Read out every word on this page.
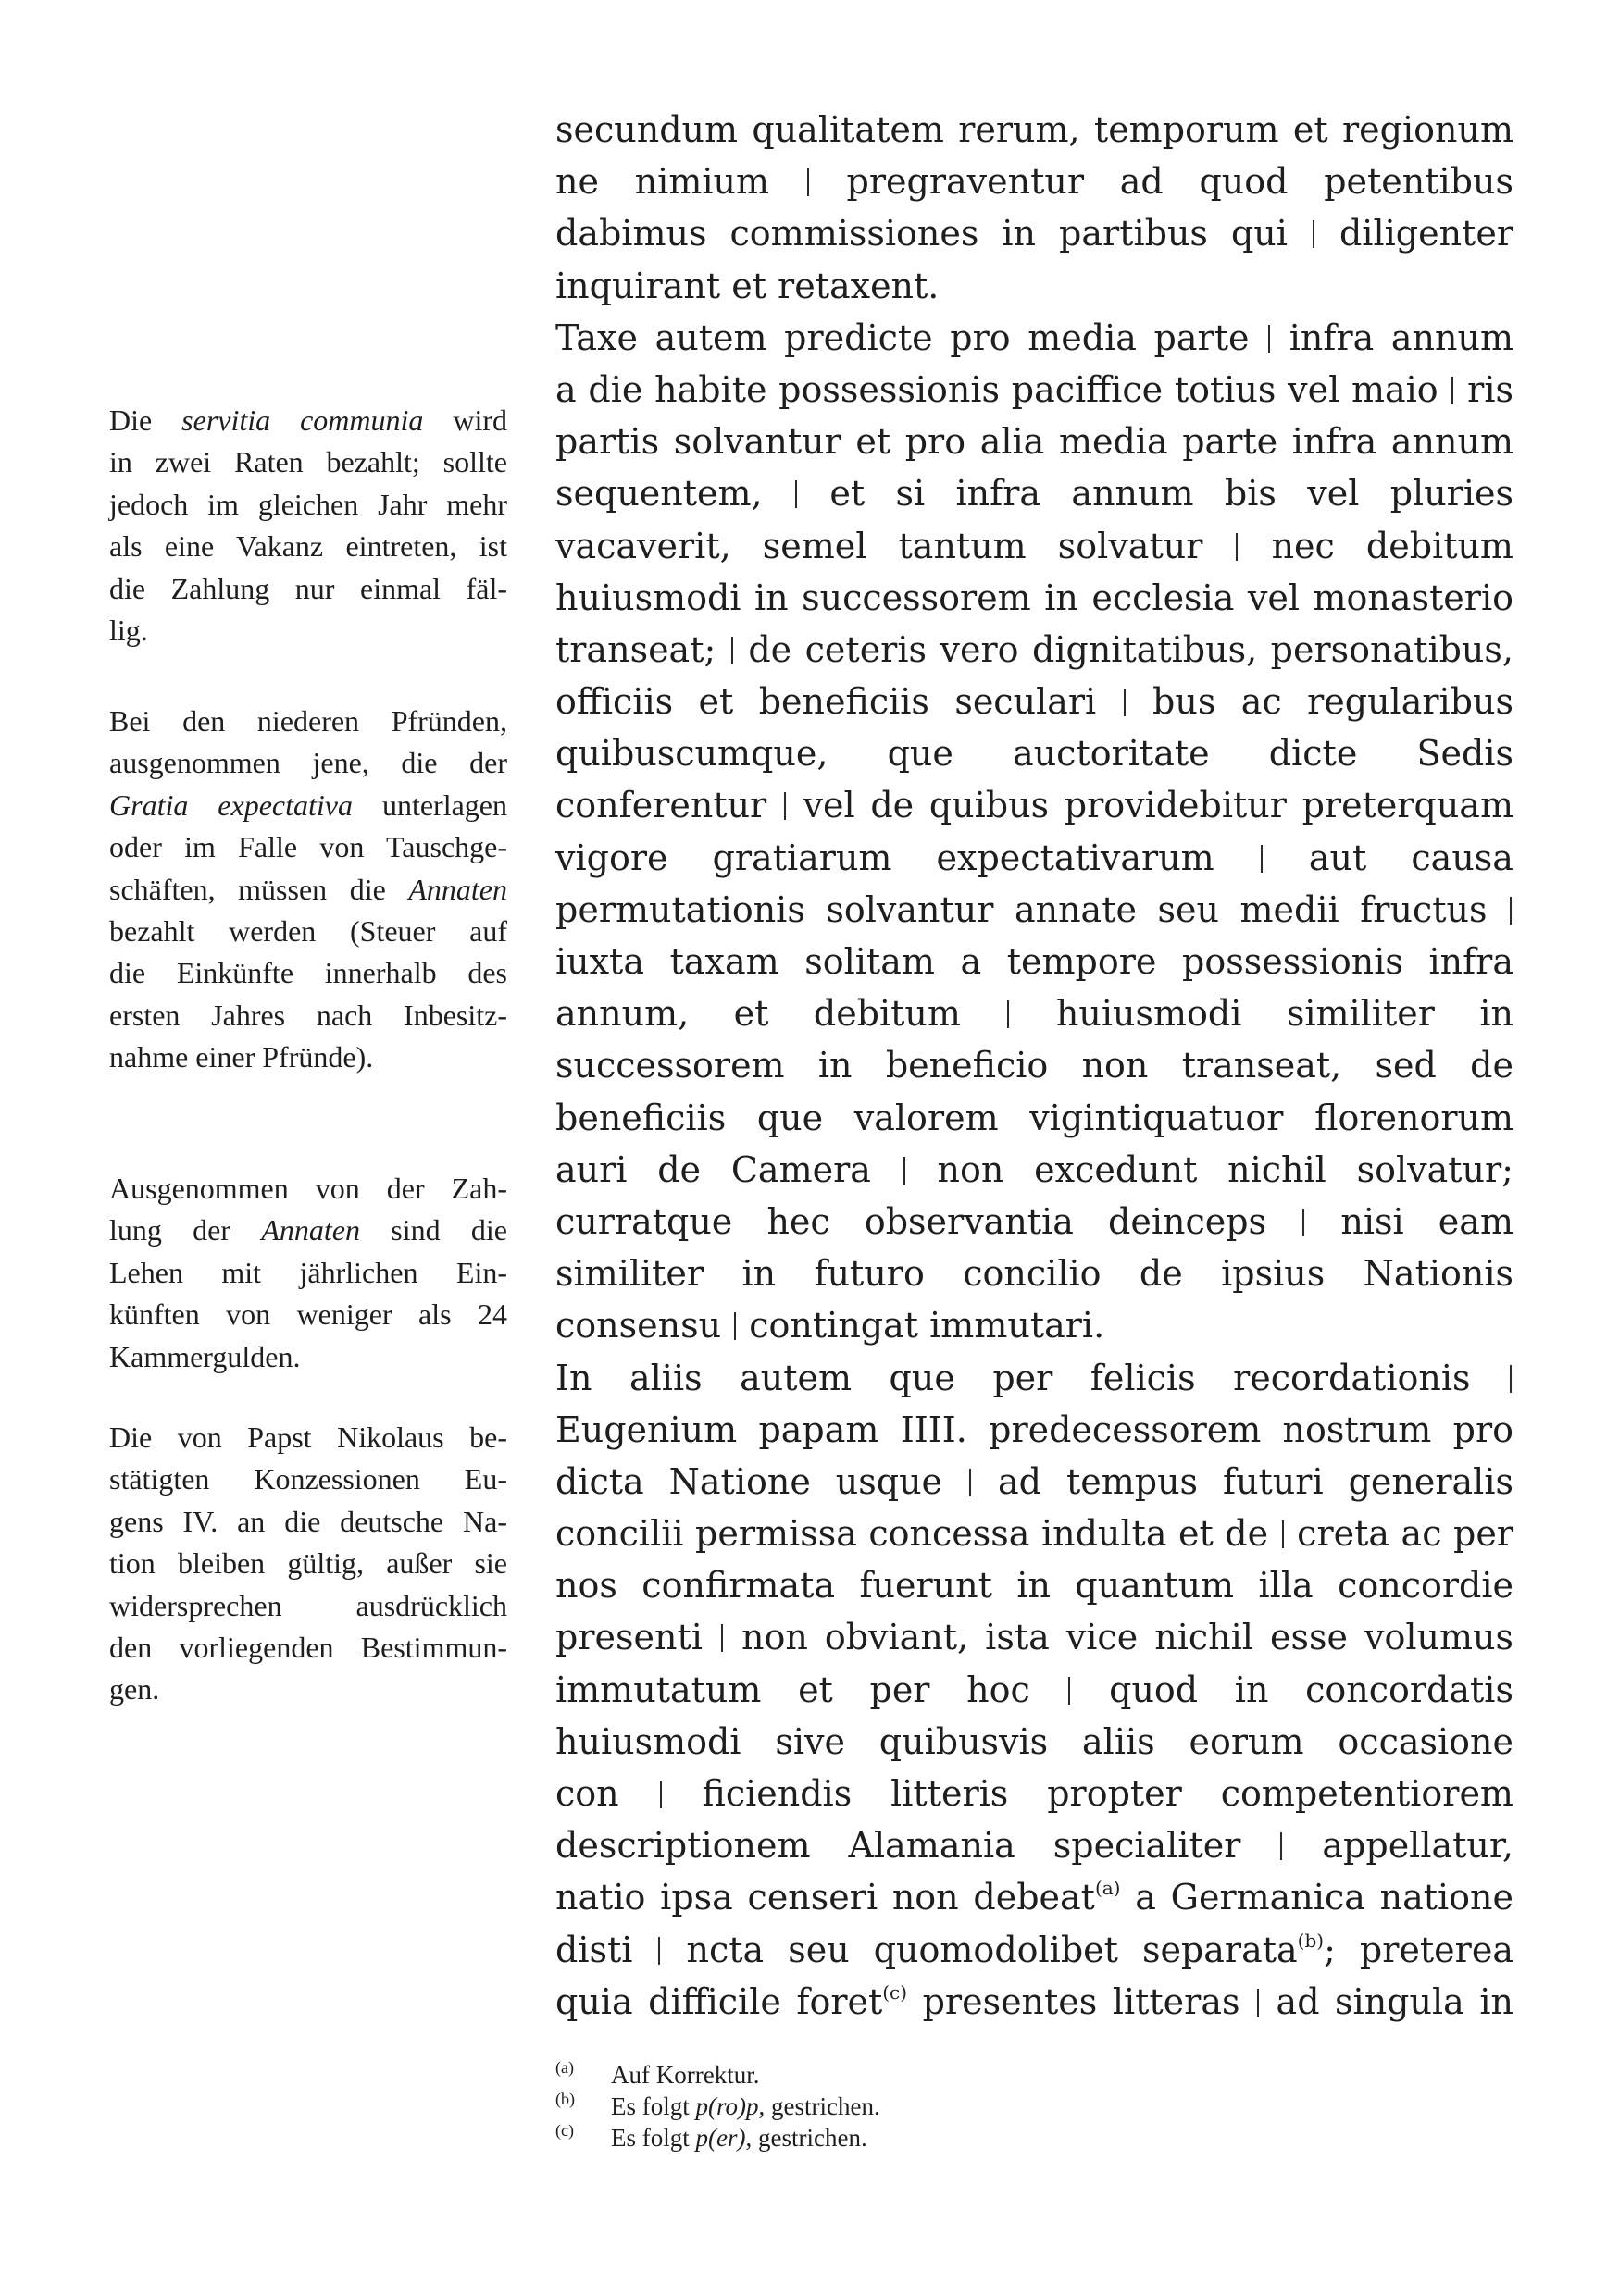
secundum qualitatem rerum, temporum et regionum
ne nimium pregraventur ad quod petentibus
dabimus commissiones in partibus qui diligenter
inquirant et retaxent.
Taxe autem predicte pro media parte infra annum
a die habite possessionis paciffice totius vel maio ris
partis solvantur et pro alia media parte infra annum
sequentem, et si infra annum bis vel pluries
vacaverit, semel tantum solvatur nec debitum
huiusmodi in successorem in ecclesia vel monasterio
transeat; de ceteris vero dignitatibus, personatibus,
officiis et beneficiis seculari bus ac regularibus
quibuscumque, que auctoritate dicte Sedis
conferentur vel de quibus providebitur preterquam
vigore gratiarum expectativarum	aut causa
permutationis solvantur annate seu medii fructus
iuxta taxam solitam a tempore possessionis infra
annum, et debitum	huiusmodi similiter in
successorem in beneficio non transeat, sed de
beneficiis que valorem vigintiquatuor florenorum
auri de Camera non excedunt nichil solvatur;
curratque hec observantia deinceps nisi eam
similiter in futuro concilio de ipsius Nationis
consensu contingat immutari.
In aliis autem que per felicis recordationis
Eugenium papam IIII. predecessorem nostrum pro
dicta Natione usque ad tempus futuri generalis
concilii permissa concessa indulta et de creta ac per
nos confirmata fuerunt in quantum illa concordie
presenti non obviant, ista vice nichil esse volumus
immutatum et per hoc quod in concordatis
huiusmodi sive quibusvis aliis eorum occasione
con ficiendis litteris propter competentiorem
descriptionem Alamania specialiter appellatur,
natio ipsa censeri non debeat$^{(a)}$ a Germanica natione
disti ncta seu quomodolibet separata$^{(b)}$; preterea
quia difficile foret$^{(c)}$ presentes litteras ad singula in
Die servitia communia wird
in zwei Raten bezahlt; sollte
jedoch im gleichen Jahr mehr
als eine Vakanz eintreten, ist
die Zahlung nur einmal fäl-
lig.
Bei den niederen Pfründen,
ausgenommen jene, die der
Gratia expectativa unterlagen
oder im Falle von Tauschge-
schäften, müssen die Annaten
bezahlt werden (Steuer auf
die Einkünfte innerhalb des
ersten Jahres nach Inbesitz-
nahme einer Pfründe).
Ausgenommen von der Zah-
lung der Annaten sind die
Lehen mit jährlichen Ein-
künften von weniger als 24
Kammergulden.
Die von Papst Nikolaus be-
stätigten Konzessionen Eu-
gens IV. an die deutsche Na-
tion bleiben gültig, außer sie
widersprechen ausdrücklich
den vorliegenden Bestimmun-
gen.
(a) Auf Korrektur.
(b) Es folgt p(ro)p, gestrichen.
(c) Es folgt p(er), gestrichen.
